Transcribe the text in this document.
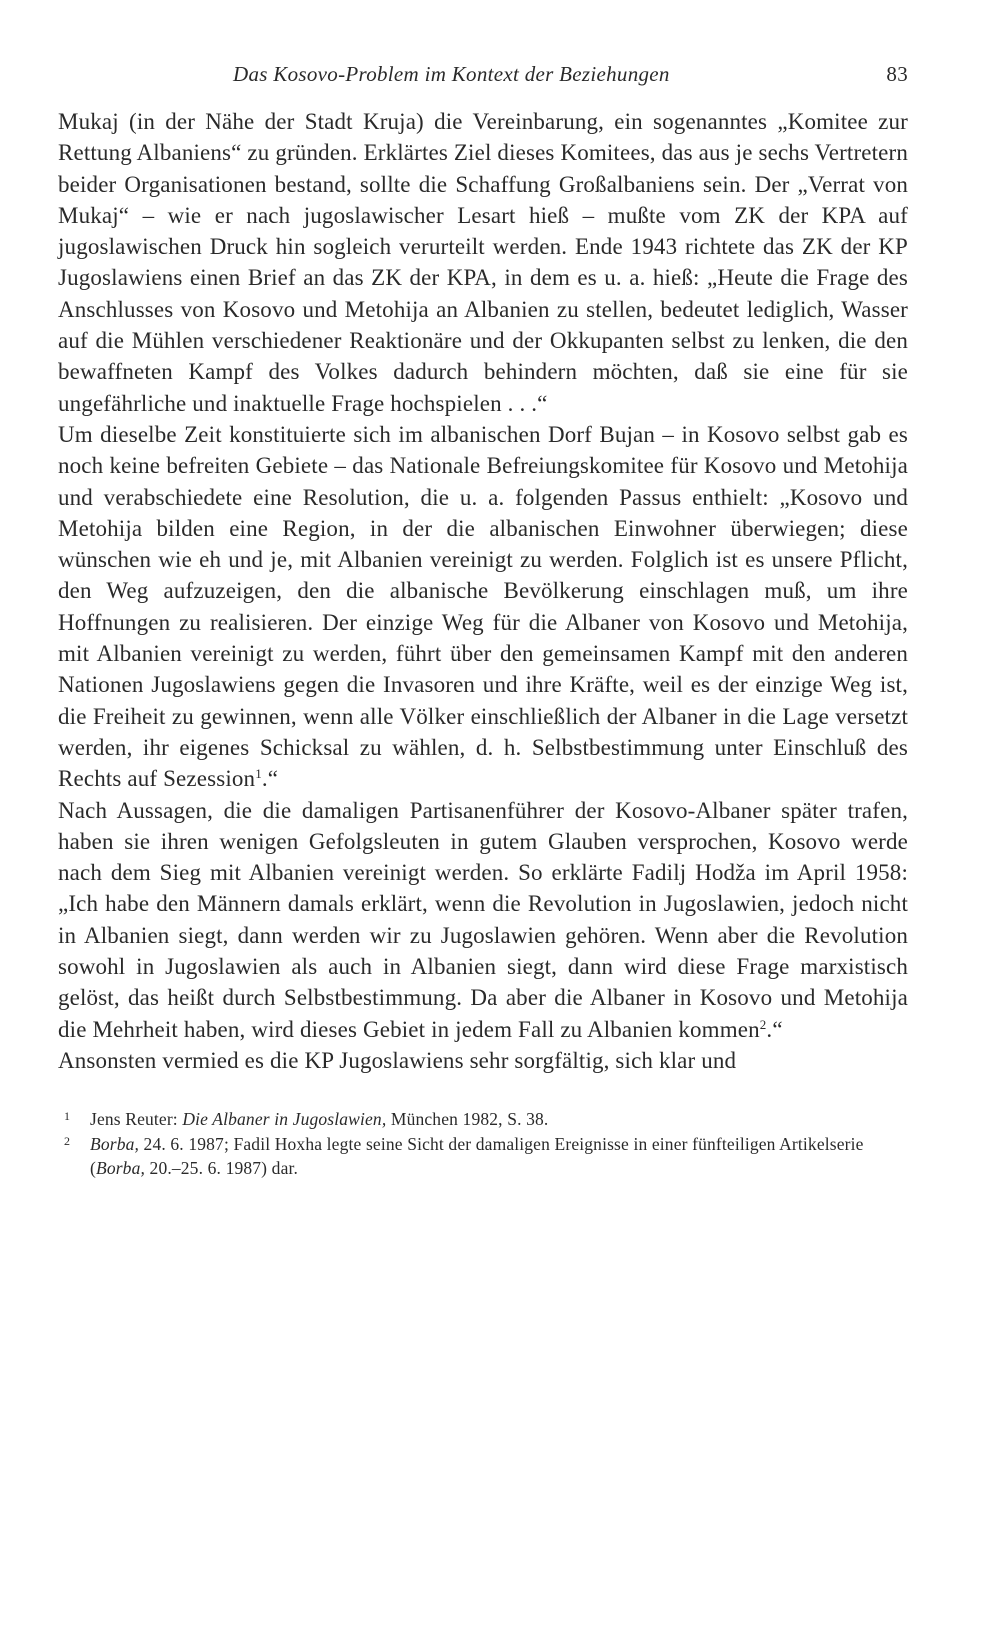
Das Kosovo-Problem im Kontext der Beziehungen	83

Mukaj (in der Nähe der Stadt Kruja) die Vereinbarung, ein sogenanntes „Komitee zur Rettung Albaniens“ zu gründen. Erklärtes Ziel dieses Komitees, das aus je sechs Vertretern beider Organisationen bestand, sollte die Schaffung Großalbaniens sein. Der „Verrat von Mukaj“ – wie er nach jugoslawischer Lesart hieß – mußte vom ZK der KPA auf jugoslawischen Druck hin sogleich verurteilt werden. Ende 1943 richtete das ZK der KP Jugoslawiens einen Brief an das ZK der KPA, in dem es u. a. hieß: „Heute die Frage des Anschlusses von Kosovo und Metohija an Albanien zu stellen, bedeutet lediglich, Wasser auf die Mühlen verschiedener Reaktionäre und der Okkupanten selbst zu lenken, die den bewaffneten Kampf des Volkes dadurch behindern möchten, daß sie eine für sie ungefährliche und inaktuelle Frage hochspielen . . .“

Um dieselbe Zeit konstituierte sich im albanischen Dorf Bujan – in Kosovo selbst gab es noch keine befreiten Gebiete – das Nationale Befreiungskomitee für Kosovo und Metohija und verabschiedete eine Resolution, die u. a. folgenden Passus enthielt: „Kosovo und Metohija bilden eine Region, in der die albanischen Einwohner überwiegen; diese wünschen wie eh und je, mit Albanien vereinigt zu werden. Folglich ist es unsere Pflicht, den Weg aufzuzeigen, den die albanische Bevölkerung einschlagen muß, um ihre Hoffnungen zu realisieren. Der einzige Weg für die Albaner von Kosovo und Metohija, mit Albanien vereinigt zu werden, führt über den gemeinsamen Kampf mit den anderen Nationen Jugoslawiens gegen die Invasoren und ihre Kräfte, weil es der einzige Weg ist, die Freiheit zu gewinnen, wenn alle Völker einschließlich der Albaner in die Lage versetzt werden, ihr eigenes Schicksal zu wählen, d. h. Selbstbestimmung unter Einschluß des Rechts auf Sezession$^1$.“

Nach Aussagen, die die damaligen Partisanenführer der Kosovo-Albaner später trafen, haben sie ihren wenigen Gefolgsleuten in gutem Glauben versprochen, Kosovo werde nach dem Sieg mit Albanien vereinigt werden. So erklärte Fadilj Hodža im April 1958: „Ich habe den Männern damals erklärt, wenn die Revolution in Jugoslawien, jedoch nicht in Albanien siegt, dann werden wir zu Jugoslawien gehören. Wenn aber die Revolution sowohl in Jugoslawien als auch in Albanien siegt, dann wird diese Frage marxistisch gelöst, das heißt durch Selbstbestimmung. Da aber die Albaner in Kosovo und Metohija die Mehrheit haben, wird dieses Gebiet in jedem Fall zu Albanien kommen$^2$.“

Ansonsten vermied es die KP Jugoslawiens sehr sorgfältig, sich klar und

1 Jens Reuter: Die Albaner in Jugoslawien, München 1982, S. 38.

2 Borba, 24. 6. 1987; Fadil Hoxha legte seine Sicht der damaligen Ereignisse in einer fünfteiligen Artikelserie (Borba, 20.–25. 6. 1987) dar.
